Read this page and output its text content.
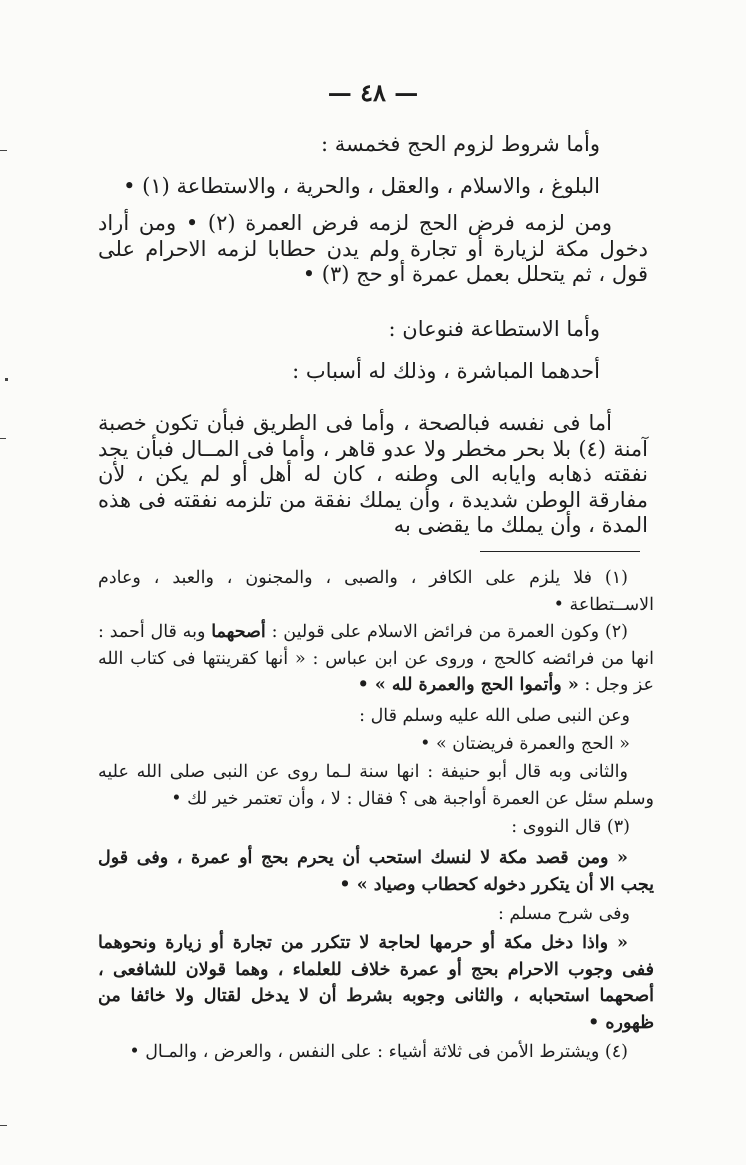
— ٤٨ —
وأما شروط لزوم الحج فخمسة :
البلوغ ، والاسلام ، والعقل ، والحرية ، والاستطاعة (١) •
ومن لزمه فرض الحج لزمه فرض العمرة (٢) • ومن أراد دخول مكة لزيارة أو تجارة ولم يدن حطابا لزمه الاحرام على قول ، ثم يتحلل بعمل عمرة أو حج (٣) •
وأما الاستطاعة فنوعان :
أحدهما المباشرة ، وذلك له أسباب :
أما فى نفسه فبالصحة ، وأما فى الطريق فبأن تكون خصبة آمنة (٤) بلا بحر مخطر ولا عدو قاهر ، وأما فى المــال فبأن يجد نفقته ذهابه وايابه الى وطنه ، كان له أهل أو لم يكن ، لأن مفارقة الوطن شديدة ، وأن يملك نفقة من تلزمه نفقته فى هذه المدة ، وأن يملك ما يقضى به
(١) فلا يلزم على الكافر ، والصبى ، والمجنون ، والعبد ، وعادم الاســتطاعة •
(٢) وكون العمرة من فرائض الاسلام على قولين : أصحهما وبه قال أحمد : انها من فرائضه كالحج ، وروى عن ابن عباس : « أنها كقرينتها فى كتاب الله عز وجل : « وأتموا الحج والعمرة لله » •
وعن النبى صلى الله عليه وسلم قال :
« الحج والعمرة فريضتان » •
والثانى وبه قال أبو حنيفة : انها سنة لـما روى عن النبى صلى الله عليه وسلم سئل عن العمرة أواجبة هى ؟ فقال : لا ، وأن تعتمر خير لك •
(٣) قال النووى :
« ومن قصد مكة لا لنسك استحب أن يحرم بحج أو عمرة ، وفى قول يجب الا أن يتكرر دخوله كحطاب وصياد » •
وفى شرح مسلم :
« واذا دخل مكة أو حرمها لحاجة لا تتكرر من تجارة أو زيارة ونحوهما ففى وجوب الاحرام بحج أو عمرة خلاف للعلماء ، وهما قولان للشافعى ، أصحهما استحبابه ، والثانى وجوبه بشرط أن لا يدخل لقتال ولا خائفا من ظهوره •
(٤) ويشترط الأمن فى ثلاثة أشياء : على النفس ، والعرض ، والمـال •
